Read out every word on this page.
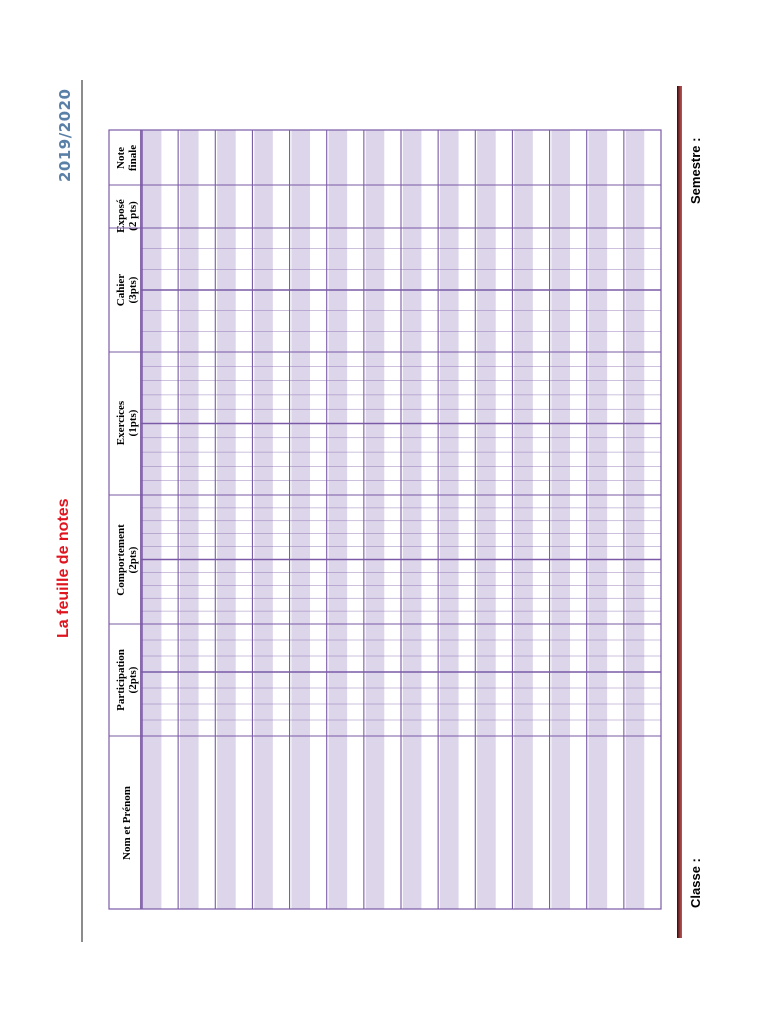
2019/2020
La feuille de notes
Classe :
Semestre :
Nom et Prénom
Participation (2pts)
Comportement (2pts)
Exercices (1pts)
Cahier (3pts)
Exposé (2 pts)
Note finale
